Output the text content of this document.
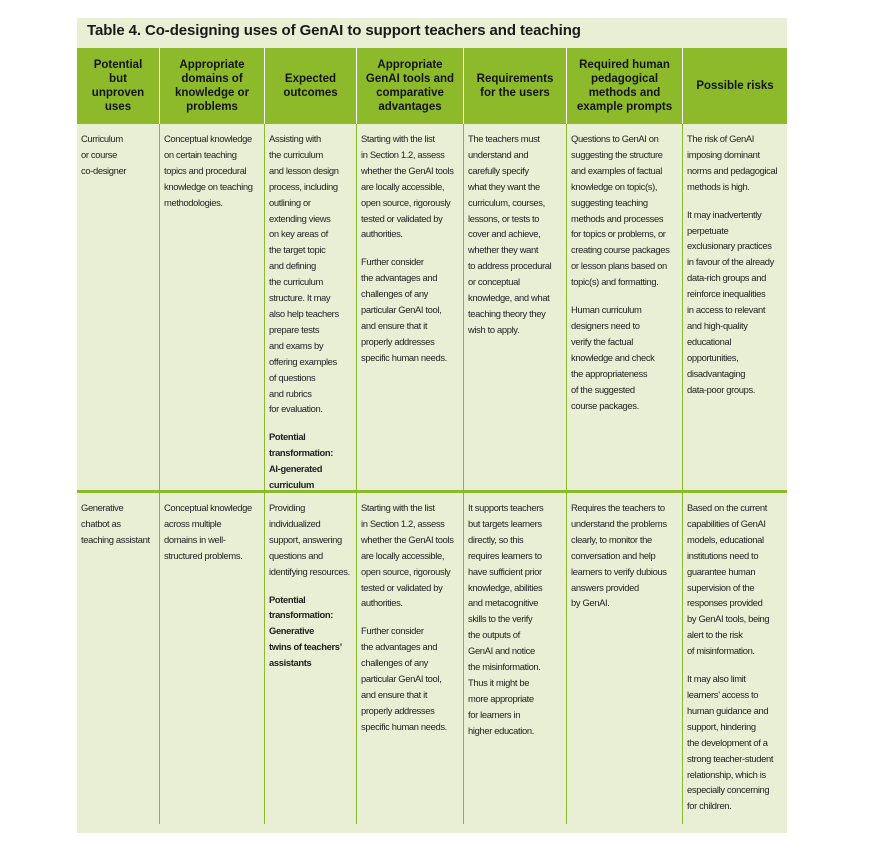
Table 4. Co-designing uses of GenAI to support teachers and teaching
Potential
but
unproven
uses
Appropriate
domains of
knowledge or
problems
Expected
outcomes
Appropriate
GenAI tools and
comparative
advantages
Requirements
for the users
Required human
pedagogical
methods and
example prompts
Possible risks
Curriculum
or course
co-designer
Conceptual knowledge
on certain teaching
topics and procedural
knowledge on teaching
methodologies.
Assisting with
the curriculum
and lesson design
process, including
outlining or
extending views
on key areas of
the target topic
and defining
the curriculum
structure. It may
also help teachers
prepare tests
and exams by
offering examples
of questions
and rubrics
for evaluation.
Potential
transformation:
AI-generated
curriculum
Starting with the list
in Section 1.2, assess
whether the GenAI tools
are locally accessible,
open source, rigorously
tested or validated by
authorities.
Further consider
the advantages and
challenges of any
particular GenAI tool,
and ensure that it
properly addresses
specific human needs.
The teachers must
understand and
carefully specify
what they want the
curriculum, courses,
lessons, or tests to
cover and achieve,
whether they want
to address procedural
or conceptual
knowledge, and what
teaching theory they
wish to apply.
Questions to GenAI on
suggesting the structure
and examples of factual
knowledge on topic(s),
suggesting teaching
methods and processes
for topics or problems, or
creating course packages
or lesson plans based on
topic(s) and formatting.
Human curriculum
designers need to
verify the factual
knowledge and check
the appropriateness
of the suggested
course packages.
The risk of GenAI
imposing dominant
norms and pedagogical
methods is high.
It may inadvertently
perpetuate
exclusionary practices
in favour of the already
data-rich groups and
reinforce inequalities
in access to relevant
and high-quality
educational
opportunities,
disadvantaging
data-poor groups.
Generative
chatbot as
teaching assistant
Conceptual knowledge
across multiple
domains in well-
structured problems.
Providing
individualized
support, answering
questions and
identifying resources.
Potential
transformation:
Generative
twins of teachers’
assistants
Starting with the list
in Section 1.2, assess
whether the GenAI tools
are locally accessible,
open source, rigorously
tested or validated by
authorities.
Further consider
the advantages and
challenges of any
particular GenAI tool,
and ensure that it
properly addresses
specific human needs.
It supports teachers
but targets learners
directly, so this
requires learners to
have sufficient prior
knowledge, abilities
and metacognitive
skills to the verify
the outputs of
GenAI and notice
the misinformation.
Thus it might be
more appropriate
for learners in
higher education.
Requires the teachers to
understand the problems
clearly, to monitor the
conversation and help
learners to verify dubious
answers provided
by GenAI.
Based on the current
capabilities of GenAI
models, educational
institutions need to
guarantee human
supervision of the
responses provided
by GenAI tools, being
alert to the risk
of misinformation.
It may also limit
learners’ access to
human guidance and
support, hindering
the development of a
strong teacher-student
relationship, which is
especially concerning
for children.
